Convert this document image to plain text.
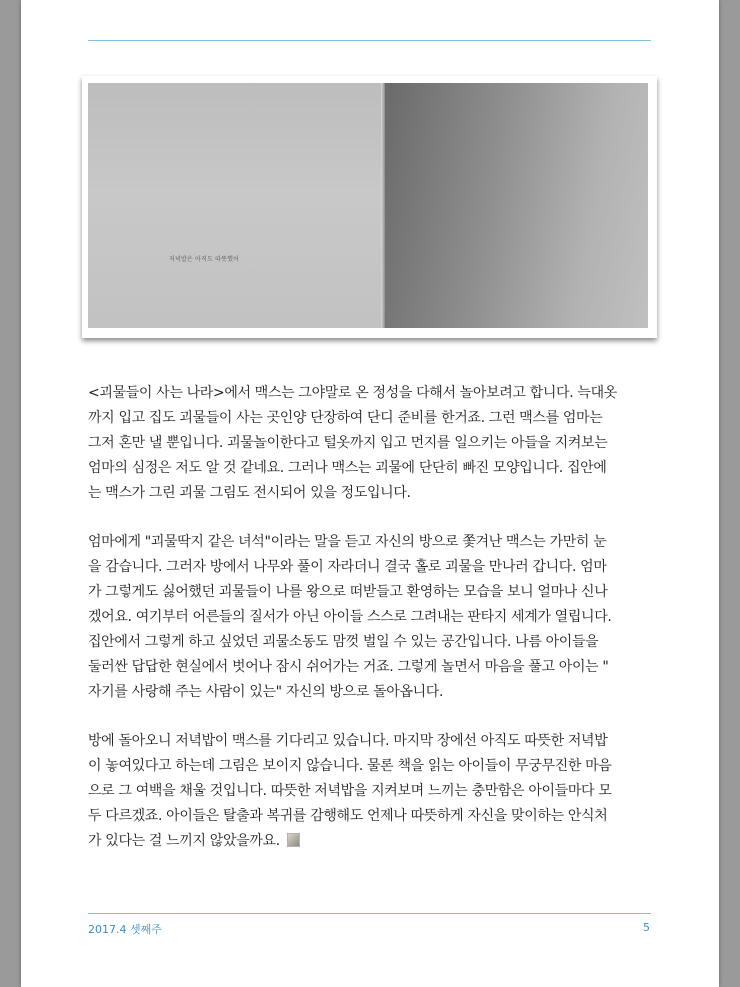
저녁밥은 아직도 따뜻했어

<괴물들이 사는 나라>에서 맥스는 그야말로 온 정성을 다해서 놀아보려고 합니다. 늑대옷
까지 입고 집도 괴물들이 사는 곳인양 단장하여 단디 준비를 한거죠. 그런 맥스를 엄마는
그저 혼만 낼 뿐입니다. 괴물놀이한다고 털옷까지 입고 먼지를 일으키는 아들을 지켜보는
엄마의 심정은 저도 알 것 같네요. 그러나 맥스는 괴물에 단단히 빠진 모양입니다. 집안에
는 맥스가 그린 괴물 그림도 전시되어 있을 정도입니다.

엄마에게 "괴물딱지 같은 녀석"이라는 말을 듣고 자신의 방으로 쫓겨난 맥스는 가만히 눈
을 감습니다. 그러자 방에서 나무와 풀이 자라더니 결국 홀로 괴물을 만나러 갑니다. 엄마
가 그렇게도 싫어했던 괴물들이 나를 왕으로 떠받들고 환영하는 모습을 보니 얼마나 신나
겠어요. 여기부터 어른들의 질서가 아닌 아이들 스스로 그려내는 판타지 세계가 열립니다.
집안에서 그렇게 하고 싶었던 괴물소동도 맘껏 벌일 수 있는 공간입니다. 나름 아이들을
둘러싼 답답한 현실에서 벗어나 잠시 쉬어가는 거죠. 그렇게 놀면서 마음을 풀고 아이는 "
자기를 사랑해 주는 사람이 있는" 자신의 방으로 돌아옵니다.

방에 돌아오니 저녁밥이 맥스를 기다리고 있습니다. 마지막 장에선 아직도 따뜻한 저녁밥
이 놓여있다고 하는데 그림은 보이지 않습니다. 물론 책을 읽는 아이들이 무궁무진한 마음
으로 그 여백을 채울 것입니다. 따뜻한 저녁밥을 지켜보며 느끼는 충만함은 아이들마다 모
두 다르겠죠. 아이들은 탈출과 복귀를 감행해도 언제나 따뜻하게 자신을 맞이하는 안식처
가 있다는 걸 느끼지 않았을까요.

2017.4 셋째주	5
